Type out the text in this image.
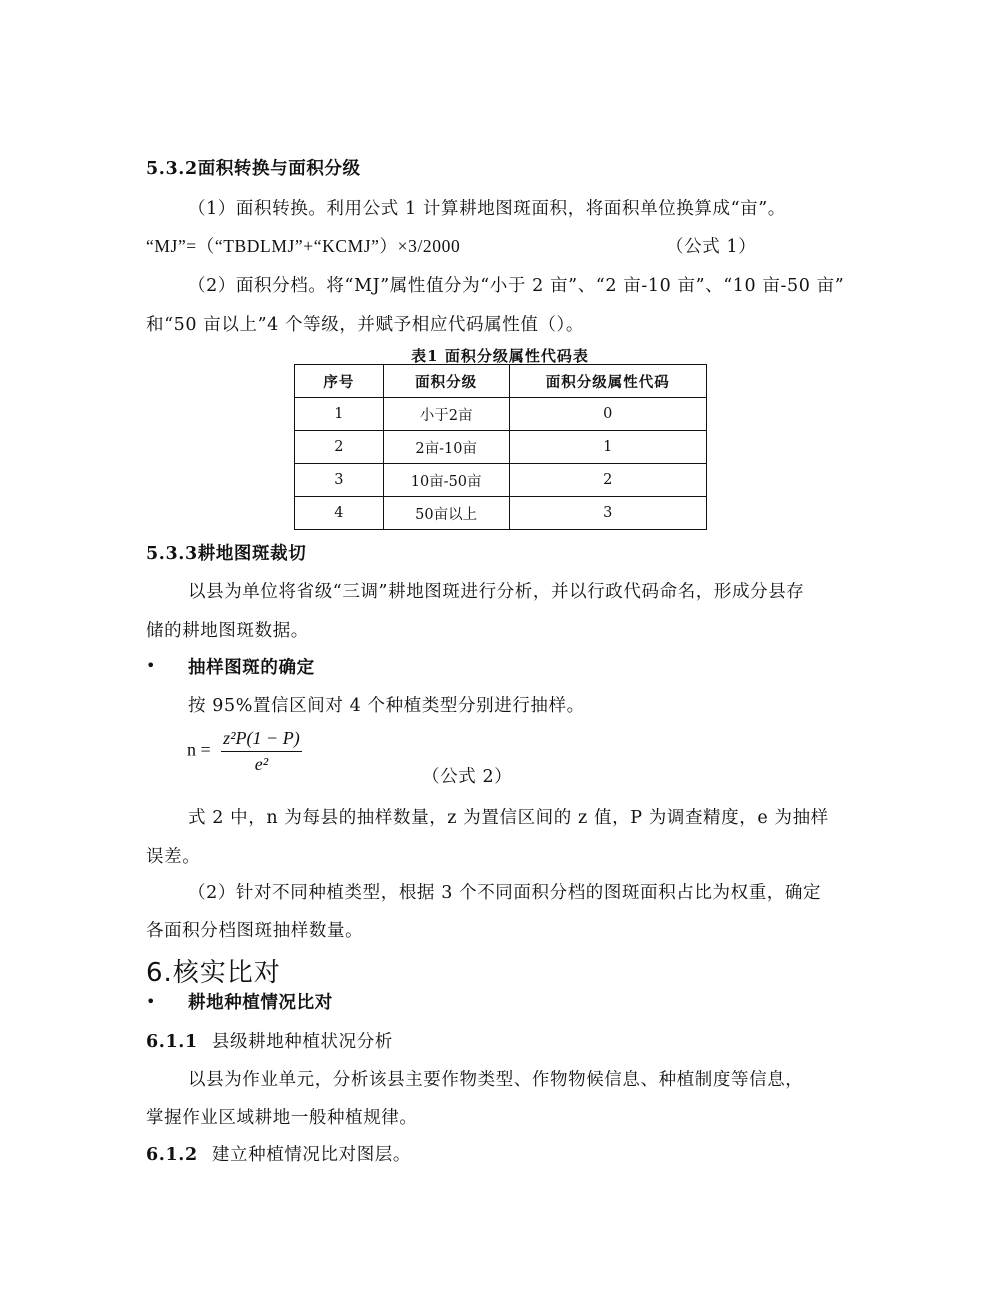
5.3.2面积转换与面积分级
（1）面积转换。利用公式 1 计算耕地图斑面积，将面积单位换算成“亩”。
“MJ”=（“TBDLMJ”+“KCMJ”）×3/2000	（公式 1）
（2）面积分档。将“MJ”属性值分为“小于 2 亩”、“2 亩-10 亩”、“10 亩-50 亩”
和“50 亩以上”4 个等级，并赋予相应代码属性值（）。
表1 面积分级属性代码表
序号	面积分级	面积分级属性代码
1	小于2亩	0
2	2亩-10亩	1
3	10亩-50亩	2
4	50亩以上	3
5.3.3耕地图斑裁切
以县为单位将省级“三调”耕地图斑进行分析，并以行政代码命名，形成分县存
储的耕地图斑数据。
• 抽样图斑的确定
按 95%置信区间对 4 个种植类型分别进行抽样。
$n = \frac{\text{z²P(1 − P)}}{\text{e²}}$
（公式 2）
式 2 中，n 为每县的抽样数量，z 为置信区间的 z 值，P 为调查精度，e 为抽样
误差。
（2）针对不同种植类型，根据 3 个不同面积分档的图斑面积占比为权重，确定
各面积分档图斑抽样数量。
6.核实比对
• 耕地种植情况比对
6.1.1 县级耕地种植状况分析
以县为作业单元，分析该县主要作物类型、作物物候信息、种植制度等信息，
掌握作业区域耕地一般种植规律。
6.1.2 建立种植情况比对图层。
